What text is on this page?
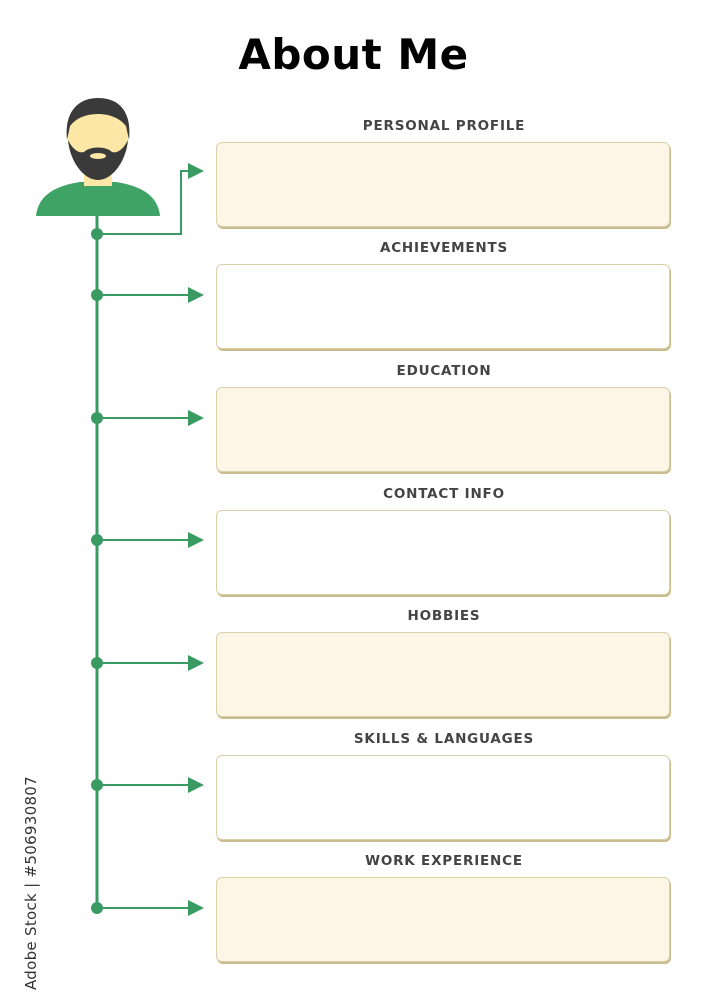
About Me
PERSONAL PROFILE
ACHIEVEMENTS
EDUCATION
CONTACT INFO
HOBBIES
SKILLS & LANGUAGES
WORK EXPERIENCE
Adobe Stock | #506930807
